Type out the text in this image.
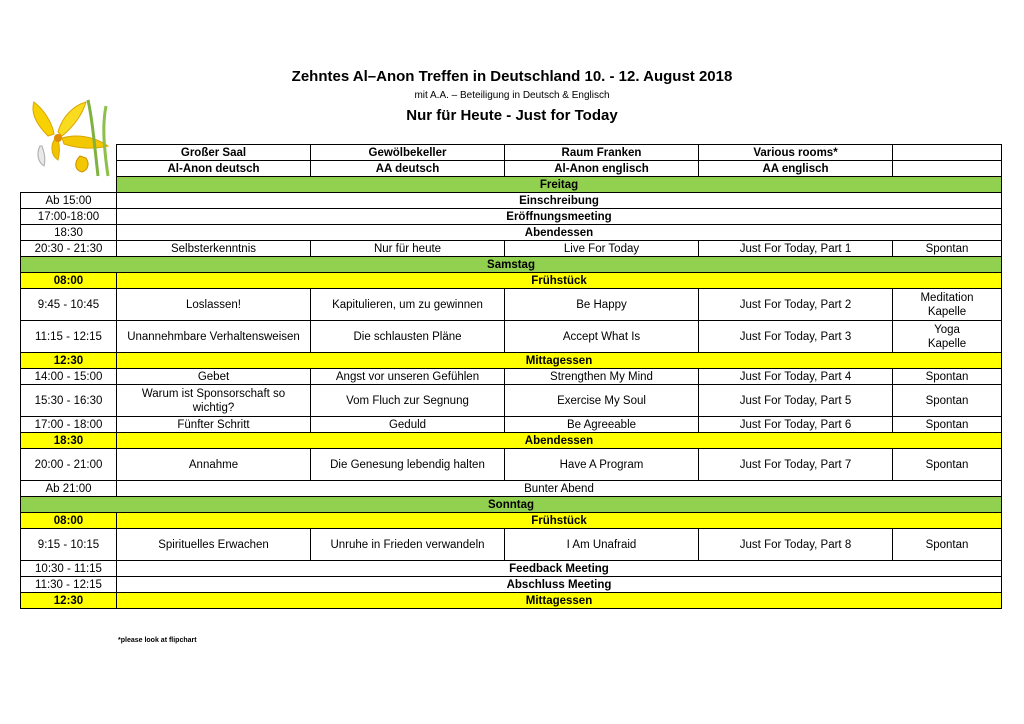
Zehntes Al–Anon Treffen in Deutschland 10. - 12. August 2018
mit A.A. – Beteiligung in Deutsch & Englisch
Nur für Heute - Just for Today
	Großer Saal	Gewölbekeller	Raum Franken	Various rooms*	
	Al-Anon deutsch	AA deutsch	Al-Anon englisch	AA englisch	
	Freitag				
Ab 15:00	Einschreibung				
17:00-18:00	Eröffnungsmeeting				
18:30	Abendessen				
20:30 - 21:30	Selbsterkenntnis	Nur für heute	Live For Today	Just For Today, Part 1	Spontan
Samstag					
08:00	Frühstück				
9:45 - 10:45	Loslassen!	Kapitulieren, um zu gewinnen	Be Happy	Just For Today, Part 2	Meditation
Kapelle
11:15 - 12:15	Unannehmbare Verhaltensweisen	Die schlausten Pläne	Accept What Is	Just For Today, Part 3	Yoga
Kapelle
12:30	Mittagessen				
14:00 - 15:00	Gebet	Angst vor unseren Gefühlen	Strengthen My Mind	Just For Today, Part 4	Spontan
15:30 - 16:30	Warum ist Sponsorschaft so
wichtig?	Vom Fluch zur Segnung	Exercise My Soul	Just For Today, Part 5	Spontan
17:00 - 18:00	Fünfter Schritt	Geduld	Be Agreeable	Just For Today, Part 6	Spontan
18:30	Abendessen				
20:00 - 21:00	Annahme	Die Genesung lebendig halten	Have A Program	Just For Today, Part 7	Spontan
Ab 21:00	Bunter Abend				
Sonntag					
08:00	Frühstück				
9:15 - 10:15	Spirituelles Erwachen	Unruhe in Frieden verwandeln	I Am Unafraid	Just For Today, Part 8	Spontan
10:30 - 11:15	Feedback Meeting				
11:30 - 12:15	Abschluss Meeting				
12:30	Mittagessen				
*please look at flipchart
